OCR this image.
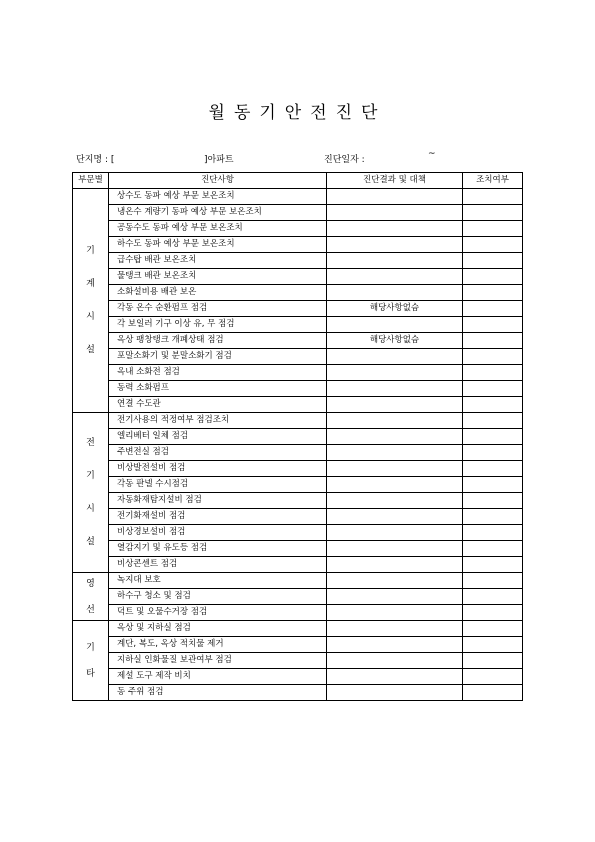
월동기안전진단

단지명 : [

	]아파트

	진단일자 :

~

부문별	진단사항	진단결과 및 대책	조치여부

기
계
시
설	상수도 동파 예상 부문 보온조치		
	냉온수 계량기 동파 예상 부문 보온조치		
	공동수도 동파 예상 부문 보온조치		
	하수도 동파 예상 부문 보온조치		
	급수탑 배관 보온조치		
	물탱크 배관 보온조치		
	소화설비용 배관 보온		
	각동 온수 순환펌프 점검	해당사항없슴	
	각 보일러 기구 이상 유, 무 점검		
	옥상 팽창탱크 개폐상태 점검	해당사항없슴	
	포말소화기 및 분말소화기 점검		
	옥내 소화전 점검		
	동력 소화펌프		
	연결 수도관		

전
기
시
설	전기사용의 적정여부 점검조치		
	엘리베터 일체 점검		
	주변전실 점검		
	비상발전설비 점검		
	각동 판넬 수시점검		
	자동화재탐지설비 점검		
	전기화재설비 점검		
	비상경보설비 점검		
	열감지기 및 유도등 점검		
	비상콘센트 점검		

영
선	녹지대 보호		
	하수구 청소 및 점검		
	덕트 및 오물수거장 점검		

기
타	옥상 및 지하실 점검		
	계단, 복도, 옥상 적치물 제거		
	지하실 인화물질 보관여부 점검		
	제설 도구 제작 비치		
	동 주위 점검		
